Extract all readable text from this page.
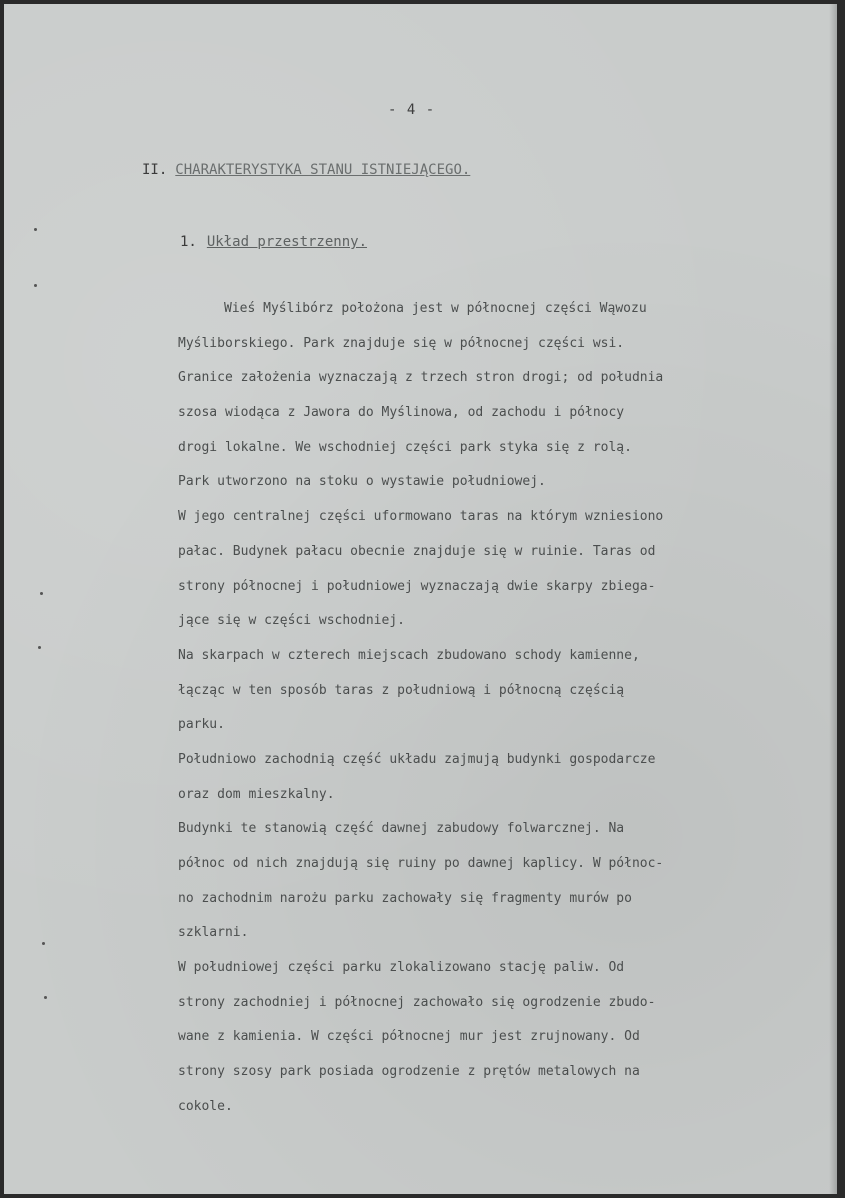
- 4 -
II. CHARAKTERYSTYKA STANU ISTNIEJĄCEGO.
1. Układ przestrzenny.
Wieś Myślibórz położona jest w północnej części Wąwozu
Myśliborskiego. Park znajduje się w północnej części wsi.
Granice założenia wyznaczają z trzech stron drogi; od południa
szosa wiodąca z Jawora do Myślinowa, od zachodu i północy
drogi lokalne. We wschodniej części park styka się z rolą.
Park utworzono na stoku o wystawie południowej.
W jego centralnej części uformowano taras na którym wzniesiono
pałac. Budynek pałacu obecnie znajduje się w ruinie. Taras od
strony północnej i południowej wyznaczają dwie skarpy zbiega-
jące się w części wschodniej.
Na skarpach w czterech miejscach zbudowano schody kamienne,
łącząc w ten sposób taras z południową i północną częścią
parku.
Południowo zachodnią część układu zajmują budynki gospodarcze
oraz dom mieszkalny.
Budynki te stanowią część dawnej zabudowy folwarcznej. Na
północ od nich znajdują się ruiny po dawnej kaplicy. W północ-
no zachodnim narożu parku zachowały się fragmenty murów po
szklarni.
W południowej części parku zlokalizowano stację paliw. Od
strony zachodniej i północnej zachowało się ogrodzenie zbudo-
wane z kamienia. W części północnej mur jest zrujnowany. Od
strony szosy park posiada ogrodzenie z prętów metalowych na
cokole.
